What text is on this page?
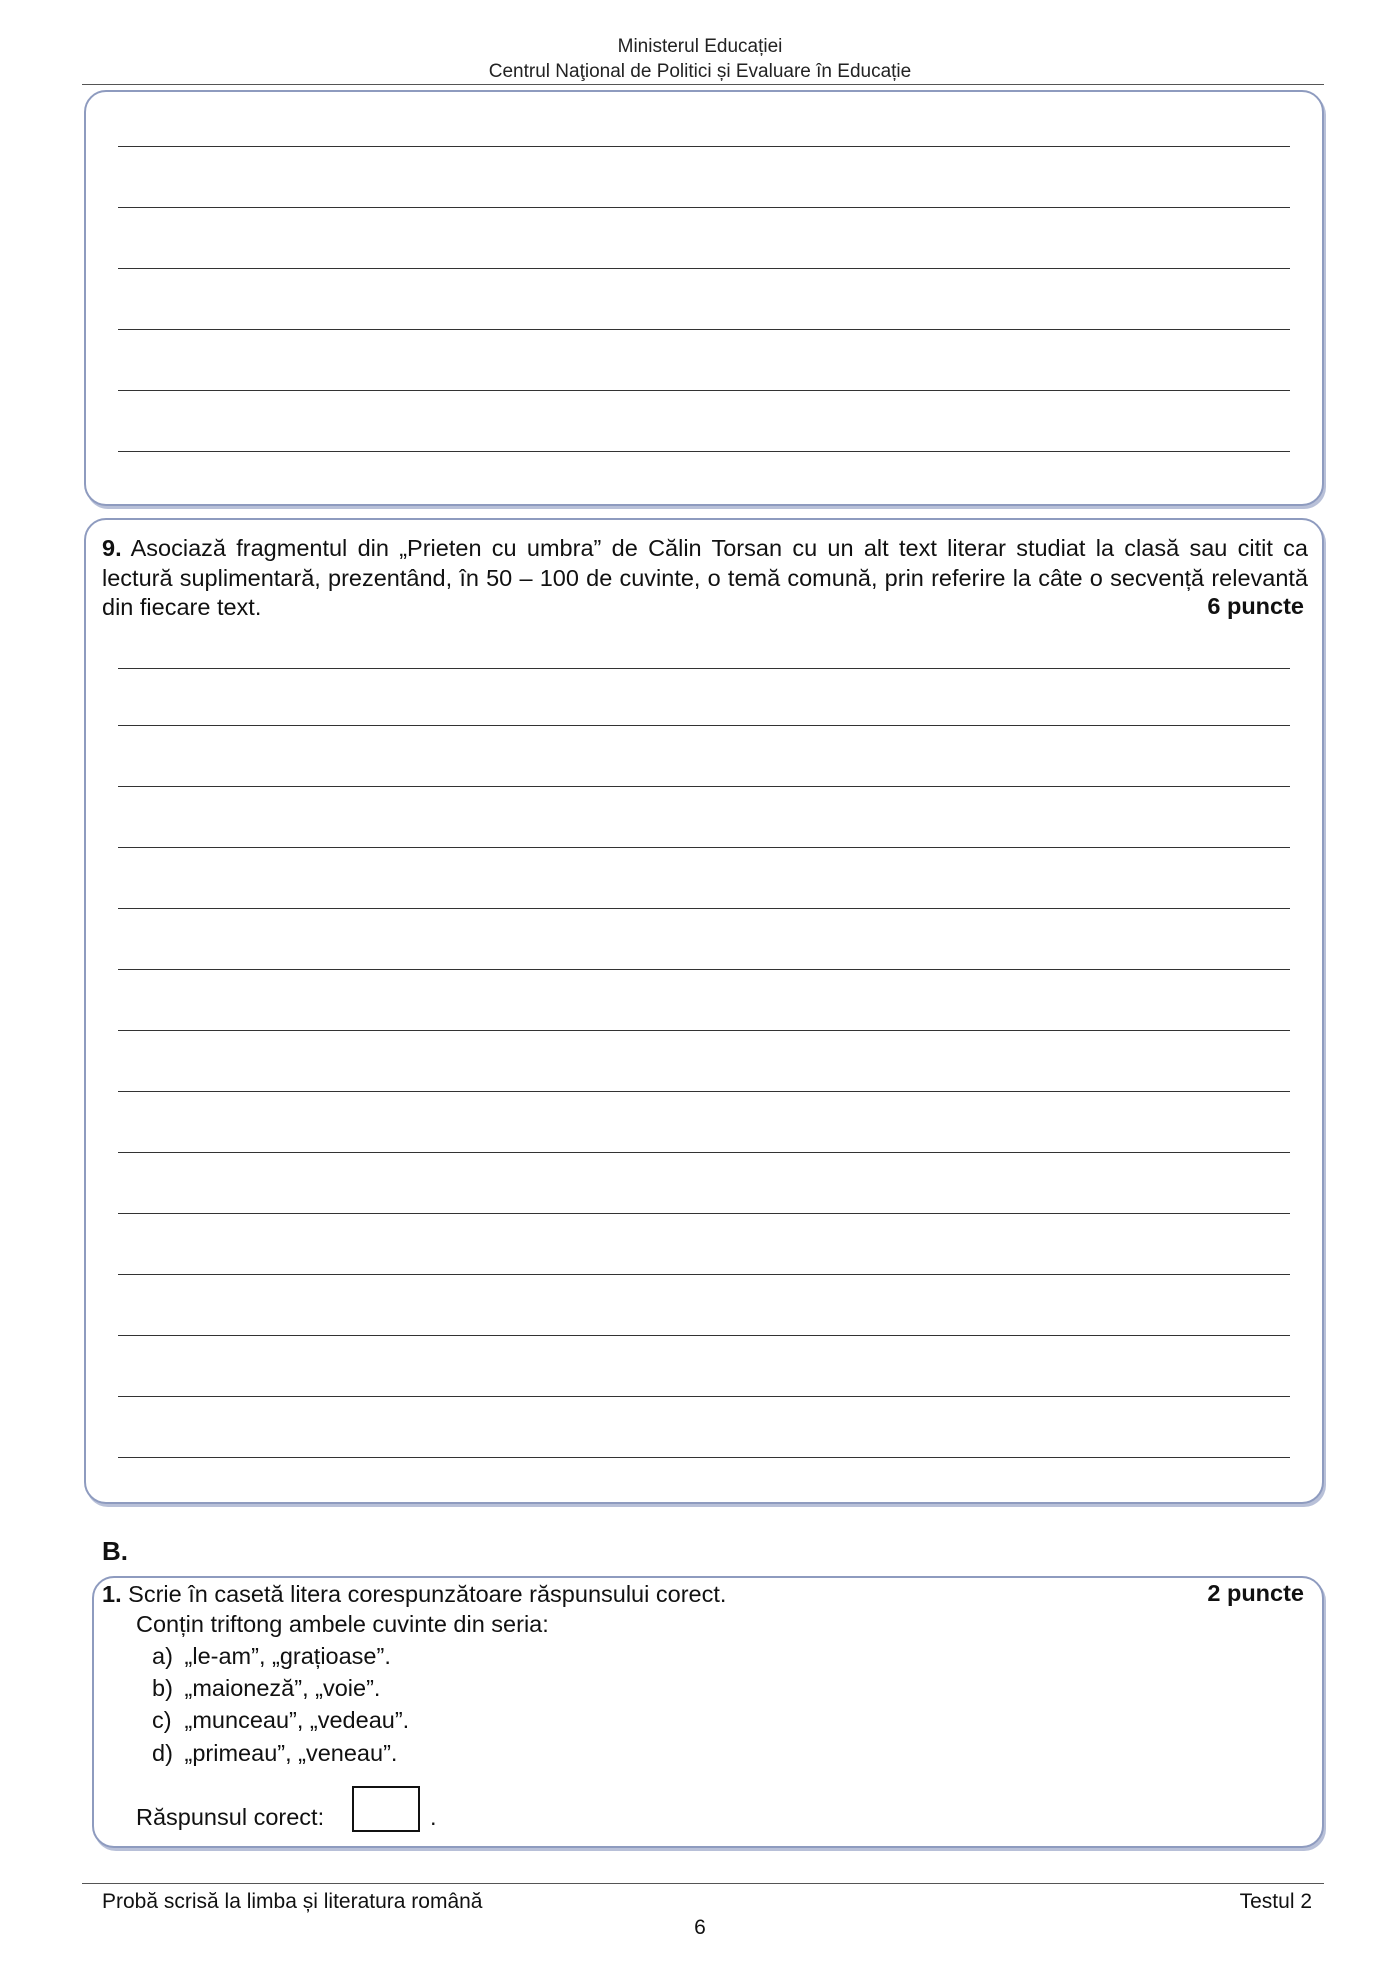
Ministerul Educației
Centrul Naţional de Politici și Evaluare în Educație
9. Asociază fragmentul din „Prieten cu umbra” de Călin Torsan cu un alt text literar studiat la clasă sau citit ca lectură suplimentară, prezentând, în 50 – 100 de cuvinte, o temă comună, prin referire la câte o secvență relevantă din fiecare text.	6 puncte
B.
1. Scrie în casetă litera corespunzătoare răspunsului corect.	2 puncte
Conțin triftong ambele cuvinte din seria:
a) „le-am”, „grațioase”.
b) „maioneză”, „voie”.
c) „munceau”, „vedeau”.
d) „primeau”, „veneau”.
Răspunsul corect:	.
Probă scrisă la limba și literatura română	Testul 2
6
